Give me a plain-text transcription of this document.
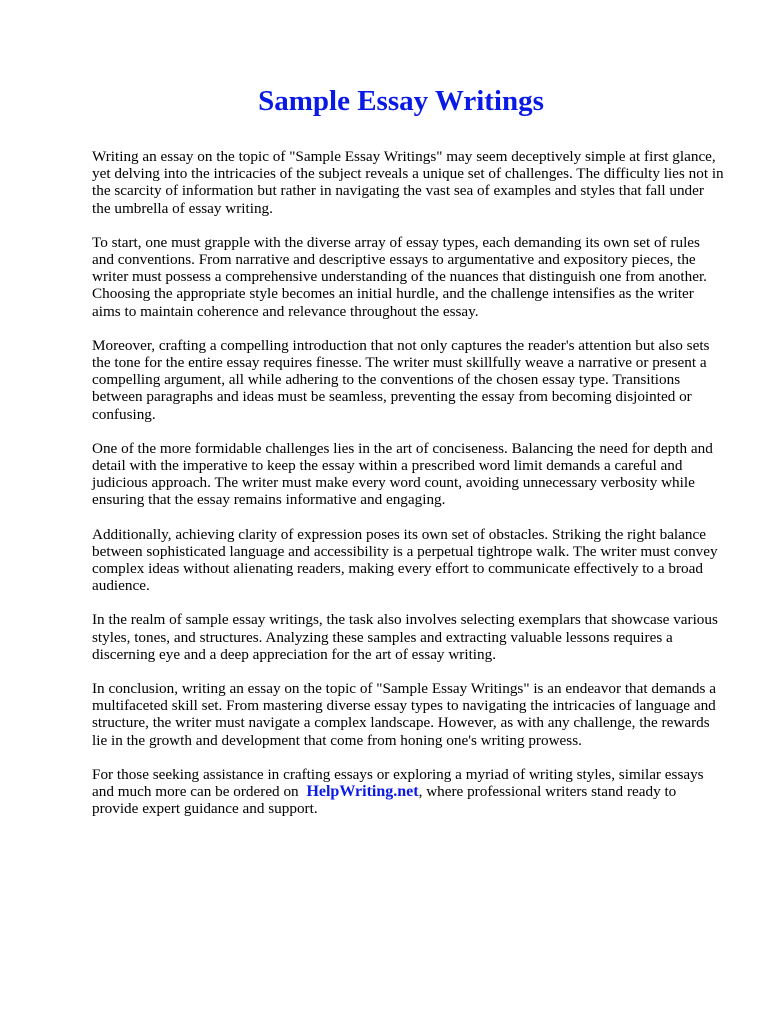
Sample Essay Writings

Writing an essay on the topic of "Sample Essay Writings" may seem deceptively simple at first glance, yet delving into the intricacies of the subject reveals a unique set of challenges. The difficulty lies not in the scarcity of information but rather in navigating the vast sea of examples and styles that fall under the umbrella of essay writing.

To start, one must grapple with the diverse array of essay types, each demanding its own set of rules and conventions. From narrative and descriptive essays to argumentative and expository pieces, the writer must possess a comprehensive understanding of the nuances that distinguish one from another. Choosing the appropriate style becomes an initial hurdle, and the challenge intensifies as the writer aims to maintain coherence and relevance throughout the essay.

Moreover, crafting a compelling introduction that not only captures the reader's attention but also sets the tone for the entire essay requires finesse. The writer must skillfully weave a narrative or present a compelling argument, all while adhering to the conventions of the chosen essay type. Transitions between paragraphs and ideas must be seamless, preventing the essay from becoming disjointed or confusing.

One of the more formidable challenges lies in the art of conciseness. Balancing the need for depth and detail with the imperative to keep the essay within a prescribed word limit demands a careful and judicious approach. The writer must make every word count, avoiding unnecessary verbosity while ensuring that the essay remains informative and engaging.

Additionally, achieving clarity of expression poses its own set of obstacles. Striking the right balance between sophisticated language and accessibility is a perpetual tightrope walk. The writer must convey complex ideas without alienating readers, making every effort to communicate effectively to a broad audience.

In the realm of sample essay writings, the task also involves selecting exemplars that showcase various styles, tones, and structures. Analyzing these samples and extracting valuable lessons requires a discerning eye and a deep appreciation for the art of essay writing.

In conclusion, writing an essay on the topic of "Sample Essay Writings" is an endeavor that demands a multifaceted skill set. From mastering diverse essay types to navigating the intricacies of language and structure, the writer must navigate a complex landscape. However, as with any challenge, the rewards lie in the growth and development that come from honing one's writing prowess.

For those seeking assistance in crafting essays or exploring a myriad of writing styles, similar essays and much more can be ordered on HelpWriting.net, where professional writers stand ready to provide expert guidance and support.
